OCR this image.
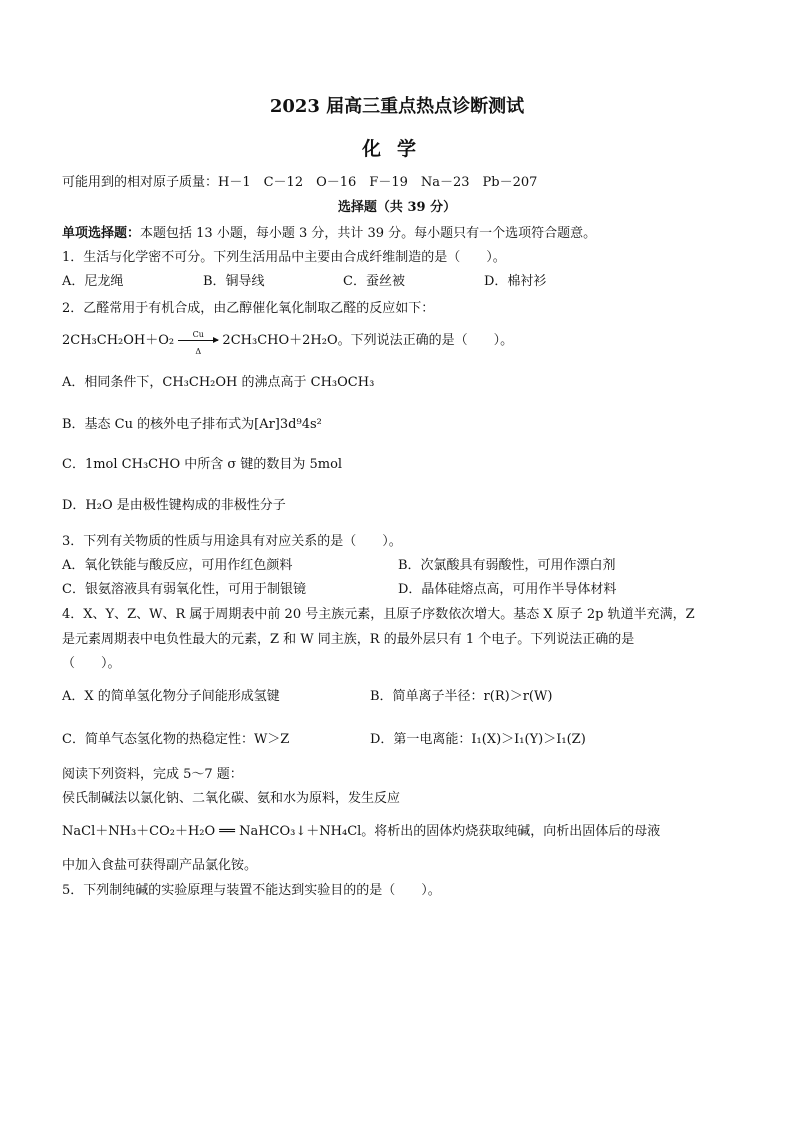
2023 届高三重点热点诊断测试
化学
可能用到的相对原子质量：H－1　C－12　O－16　F－19　Na－23　Pb－207
选择题（共 39 分）
单项选择题：本题包括 13 小题，每小题 3 分，共计 39 分。每小题只有一个选项符合题意。
1．生活与化学密不可分。下列生活用品中主要由合成纤维制造的是（　　）。
A．尼龙绳	B．铜导线	C．蚕丝被	D．棉衬衫
2．乙醛常用于有机合成，由乙醇催化氧化制取乙醛的反应如下：
$2CH_3CH_2OH+O_2 \frac{Cu}{\Delta} 2CH_3CHO+2H_2O$。下列说法正确的是（　　）。
A．相同条件下，CH₃CH₂OH 的沸点高于 CH₃OCH₃
B．基态 Cu 的核外电子排布式为[Ar]3d⁹4s²
C．1mol CH₃CHO 中所含 σ 键的数目为 5mol
D．H₂O 是由极性键构成的非极性分子
3．下列有关物质的性质与用途具有对应关系的是（　　）。
A．氧化铁能与酸反应，可用作红色颜料	B．次氯酸具有弱酸性，可用作漂白剂
C．银氨溶液具有弱氧化性，可用于制银镜	D．晶体硅熔点高，可用作半导体材料
4．X、Y、Z、W、R 属于周期表中前 20 号主族元素，且原子序数依次增大。基态 X 原子 2p 轨道半充满，Z
是元素周期表中电负性最大的元素，Z 和 W 同主族，R 的最外层只有 1 个电子。下列说法正确的是
（　　）。
A．X 的简单氢化物分子间能形成氢键	B．简单离子半径：r(R)＞r(W)
C．简单气态氢化物的热稳定性：W＞Z	D．第一电离能：I₁(X)＞I₁(Y)＞I₁(Z)
阅读下列资料，完成 5～7 题：
侯氏制碱法以氯化钠、二氧化碳、氨和水为原料，发生反应
NaCl＋NH₃＋CO₂＋H₂O ══ NaHCO₃↓＋NH₄Cl。将析出的固体灼烧获取纯碱，向析出固体后的母液
中加入食盐可获得副产品氯化铵。
5．下列制纯碱的实验原理与装置不能达到实验目的的是（　　）。
